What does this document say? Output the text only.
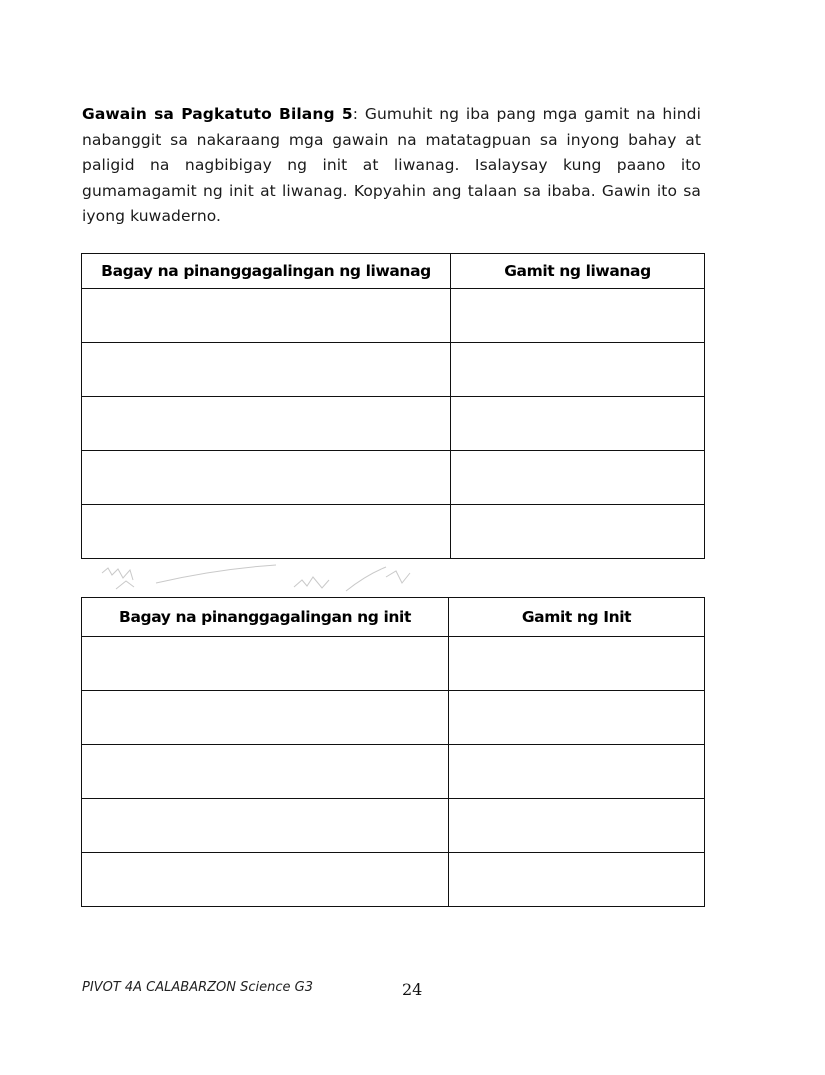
Gawain sa Pagkatuto Bilang 5: Gumuhit ng iba pang mga gamit na hindi nabanggit sa nakaraang mga gawain na matatagpuan sa inyong bahay at paligid na nagbibigay ng init at liwanag. Isalaysay kung paano ito gumamagamit ng init at liwanag. Kopyahin ang talaan sa ibaba. Gawin ito sa iyong kuwaderno.

Bagay na pinanggagalingan ng liwanag	Gamit ng liwanag

Bagay na pinanggagalingan ng init	Gamit ng Init

PIVOT 4A CALABARZON Science G3	24
